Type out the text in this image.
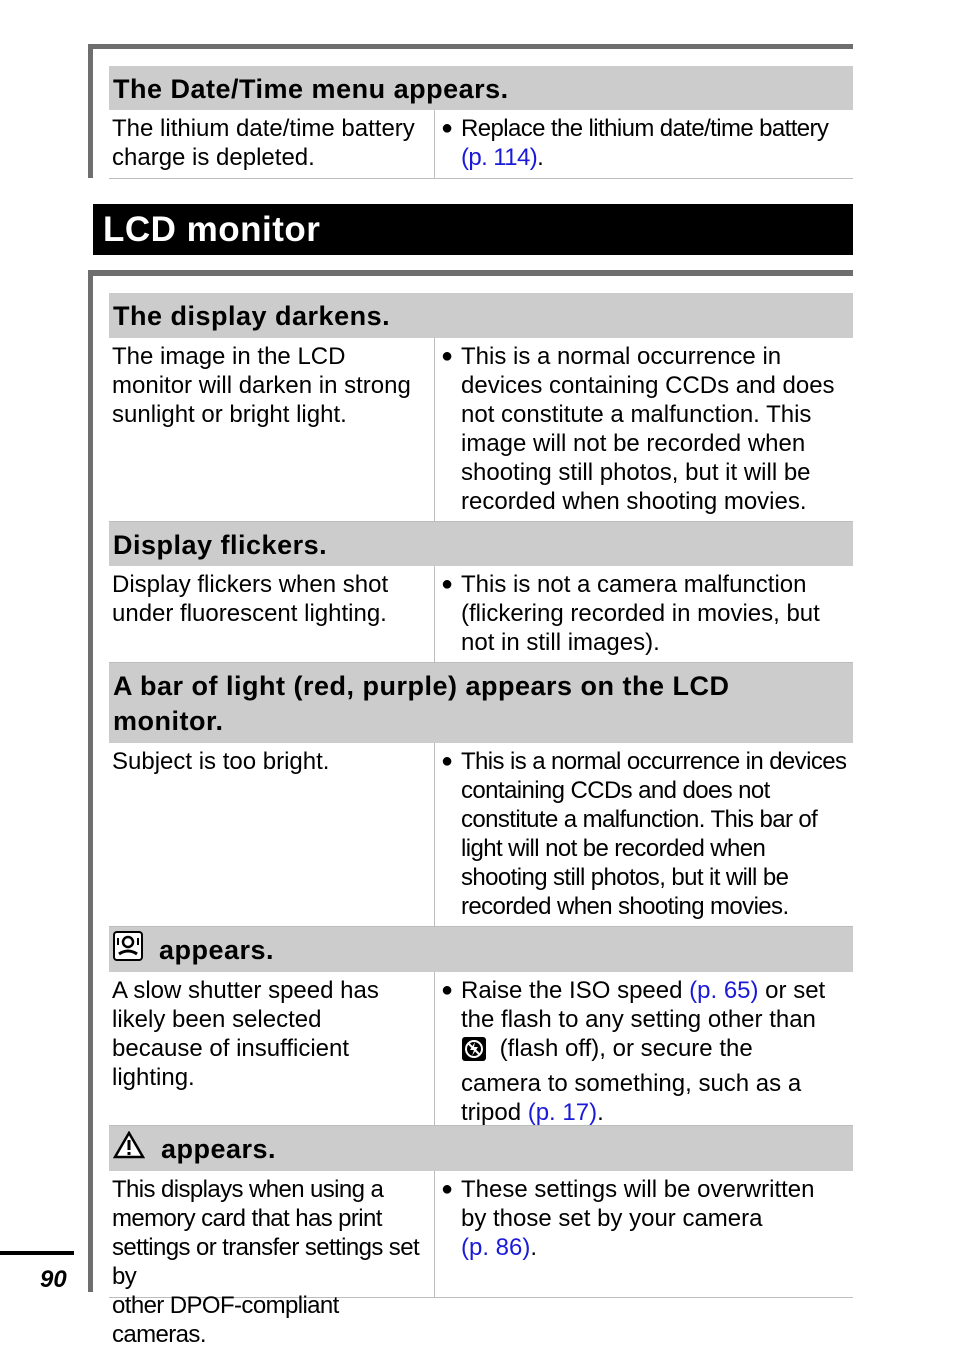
The Date/Time menu appears.
The lithium date/time battery
charge is depleted.
● Replace the lithium date/time battery
(p. 114).
LCD monitor
The display darkens.
The image in the LCD
monitor will darken in strong
sunlight or bright light.
● This is a normal occurrence in
devices containing CCDs and does
not constitute a malfunction. This
image will not be recorded when
shooting still photos, but it will be
recorded when shooting movies.
Display flickers.
Display flickers when shot
under fluorescent lighting.
● This is not a camera malfunction
(flickering recorded in movies, but
not in still images).
A bar of light (red, purple) appears on the LCD
monitor.
Subject is too bright.	● This is a normal occurrence in devices
containing CCDs and does not
constitute a malfunction. This bar of
light will not be recorded when
shooting still photos, but it will be
recorded when shooting movies.
appears.
A slow shutter speed has
likely been selected
because of insufficient
lighting.
● Raise the ISO speed (p. 65) or set
the flash to any setting other than
(flash off), or secure the
camera to something, such as a
tripod (p. 17).
appears.
This displays when using a
memory card that has print
settings or transfer settings set by
other DPOF-compliant cameras.
● These settings will be overwritten
by those set by your camera
(p. 86).
90
